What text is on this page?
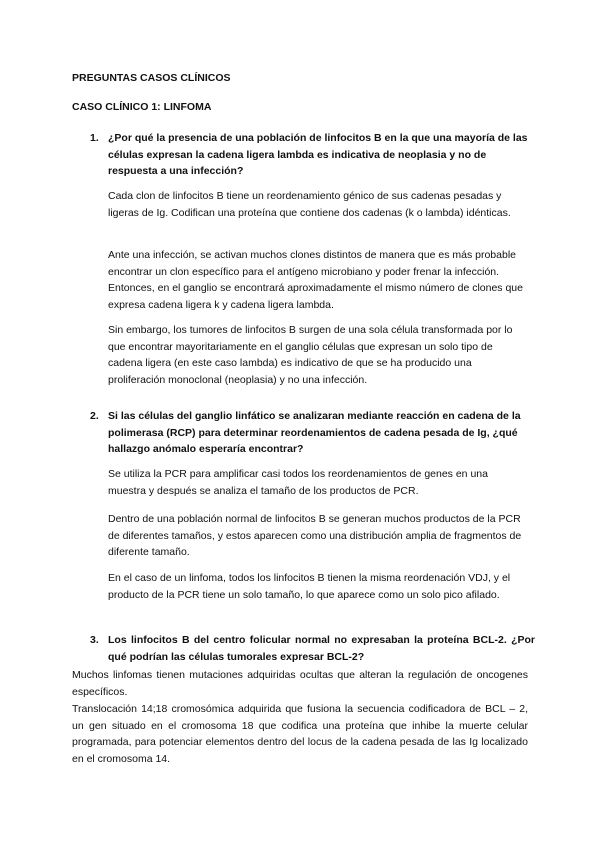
PREGUNTAS CASOS CLÍNICOS
CASO CLÍNICO 1: LINFOMA
1. ¿Por qué la presencia de una población de linfocitos B en la que una mayoría de las células expresan la cadena ligera lambda es indicativa de neoplasia y no de respuesta a una infección?
Cada clon de linfocitos B tiene un reordenamiento génico de sus cadenas pesadas y ligeras de Ig. Codifican una proteína que contiene dos cadenas (k o lambda) idénticas.
Ante una infección, se activan muchos clones distintos de manera que es más probable encontrar un clon específico para el antígeno microbiano y poder frenar la infección. Entonces, en el ganglio se encontrará aproximadamente el mismo número de clones que expresa cadena ligera k y cadena ligera lambda.
Sin embargo, los tumores de linfocitos B surgen de una sola célula transformada por lo que encontrar mayoritariamente en el ganglio células que expresan un solo tipo de cadena ligera (en este caso lambda) es indicativo de que se ha producido una proliferación monoclonal (neoplasia) y no una infección.
2. Si las células del ganglio linfático se analizaran mediante reacción en cadena de la polimerasa (RCP) para determinar reordenamientos de cadena pesada de Ig, ¿qué hallazgo anómalo esperaría encontrar?
Se utiliza la PCR para amplificar casi todos los reordenamientos de genes en una muestra y después se analiza el tamaño de los productos de PCR.
Dentro de una población normal de linfocitos B se generan muchos productos de la PCR de diferentes tamaños, y estos aparecen como una distribución amplia de fragmentos de diferente tamaño.
En el caso de un linfoma, todos los linfocitos B tienen la misma reordenación VDJ, y el producto de la PCR tiene un solo tamaño, lo que aparece como un solo pico afilado.
3. Los linfocitos B del centro folicular normal no expresaban la proteína BCL-2. ¿Por qué podrían las células tumorales expresar BCL-2?
Muchos linfomas tienen mutaciones adquiridas ocultas que alteran la regulación de oncogenes específicos.
Translocación 14;18 cromosómica adquirida que fusiona la secuencia codificadora de BCL – 2, un gen situado en el cromosoma 18 que codifica una proteína que inhibe la muerte celular programada, para potenciar elementos dentro del locus de la cadena pesada de las Ig localizado en el cromosoma 14.
